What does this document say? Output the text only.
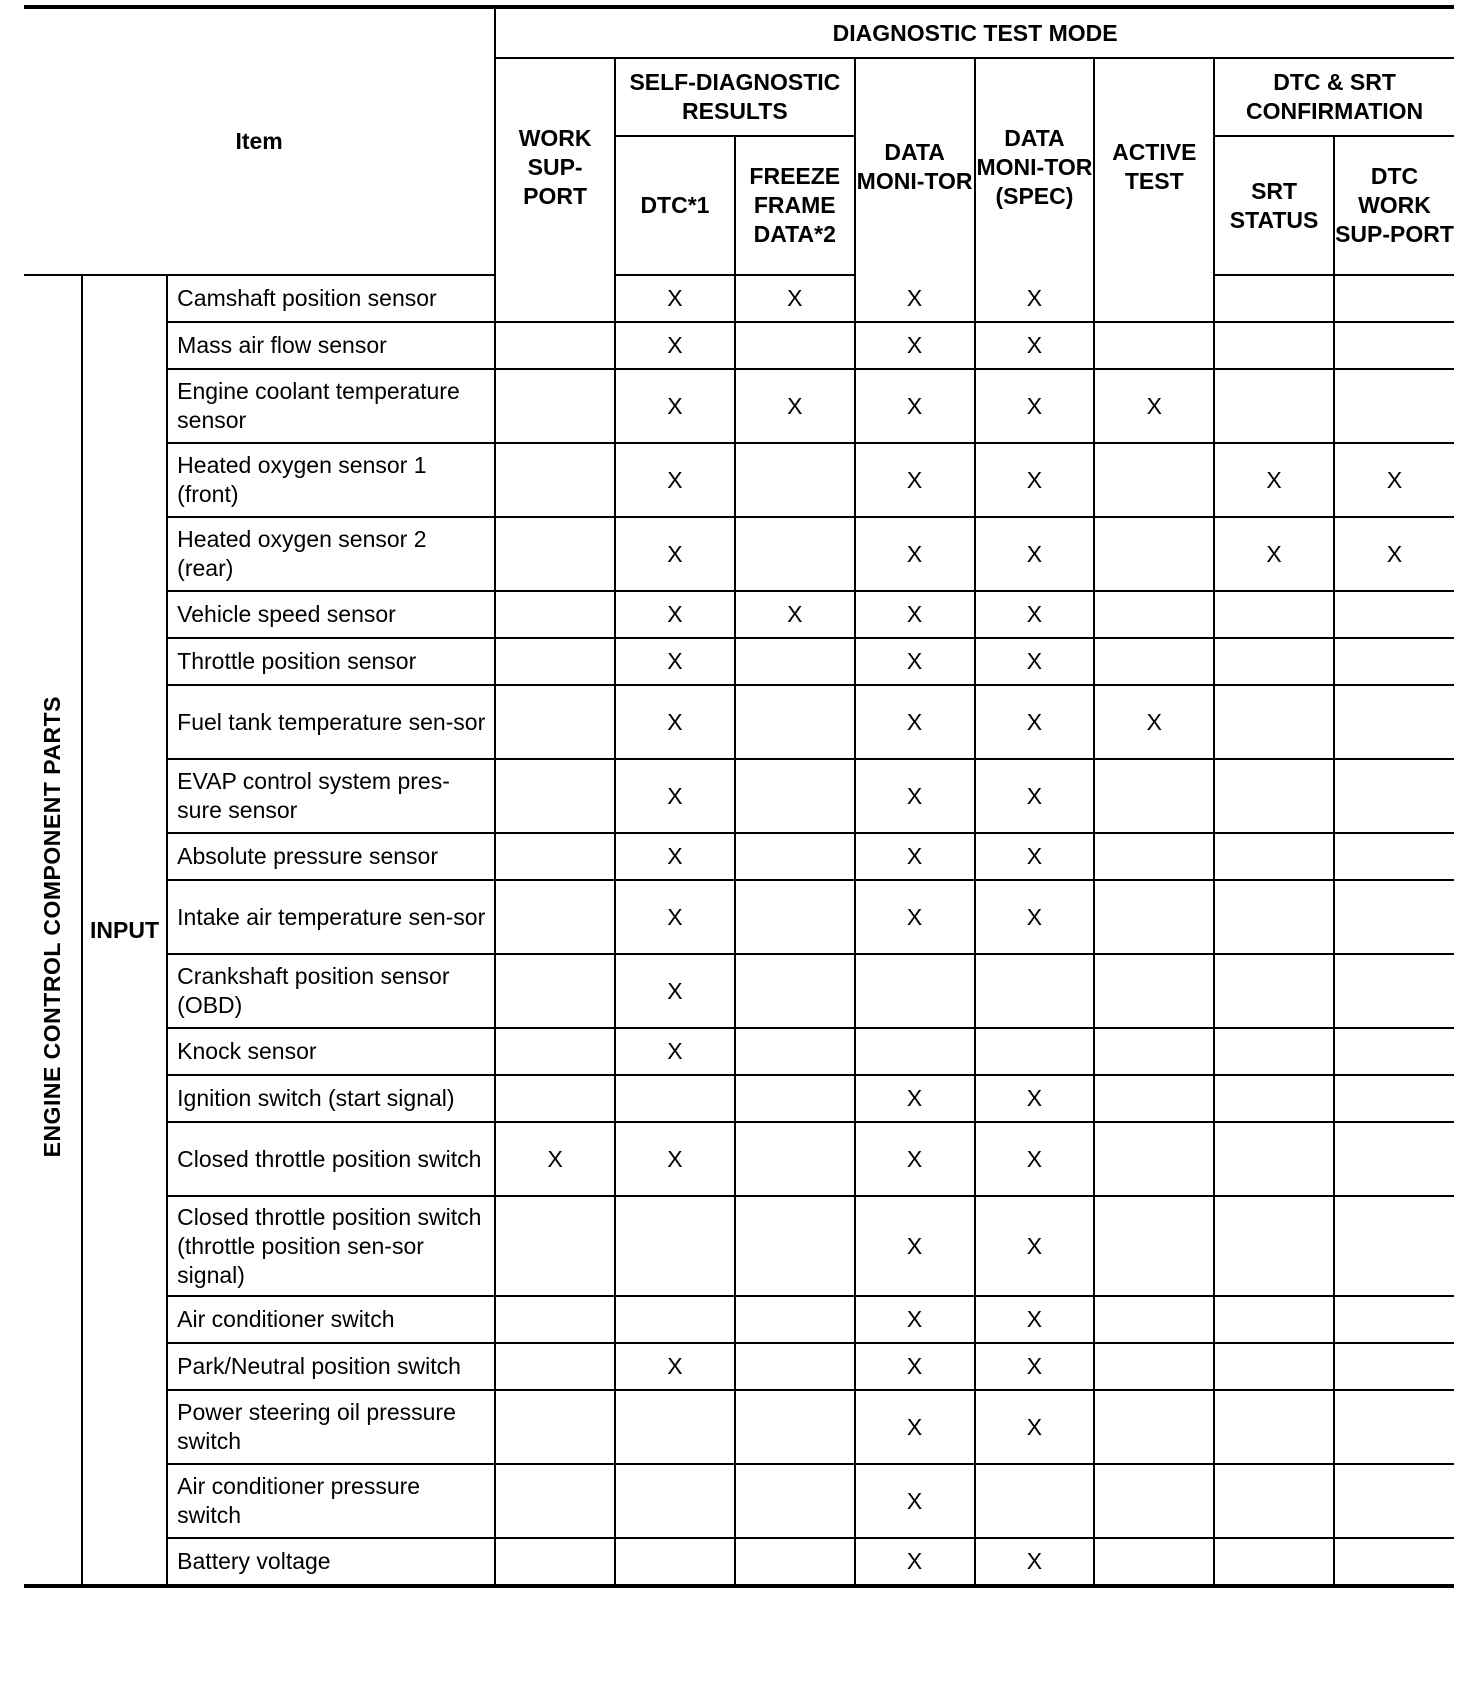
Item			DIAGNOSTIC TEST MODE							
			WORK SUP-PORT	SELF-DIAGNOSTIC RESULTS		DATA MONI-TOR	DATA MONI-TOR (SPEC)	ACTIVE TEST	DTC & SRT CONFIRMATION	
				DTC*1	FREEZE FRAME DATA*2				SRT STATUS	DTC WORK SUP-PORT
ENGINE CONTROL COMPONENT PARTS	INPUT	Camshaft position sensor		X	X	X	X			
		Mass air flow sensor		X		X	X			
		Engine coolant temperature sensor		X	X	X	X	X		
		Heated oxygen sensor 1 (front)		X		X	X		X	X
		Heated oxygen sensor 2 (rear)		X		X	X		X	X
		Vehicle speed sensor		X	X	X	X			
		Throttle position sensor		X		X	X			
		Fuel tank temperature sen-sor		X		X	X	X		
		EVAP control system pres-sure sensor		X		X	X			
		Absolute pressure sensor		X		X	X			
		Intake air temperature sen-sor		X		X	X			
		Crankshaft position sensor (OBD)		X						
		Knock sensor		X						
		Ignition switch (start signal)				X	X			
		Closed throttle position switch	X	X		X	X			
		Closed throttle position switch (throttle position sen-sor signal)				X	X			
		Air conditioner switch				X	X			
		Park/Neutral position switch		X		X	X			
		Power steering oil pressure switch				X	X			
		Air conditioner pressure switch				X				
		Battery voltage				X	X			
